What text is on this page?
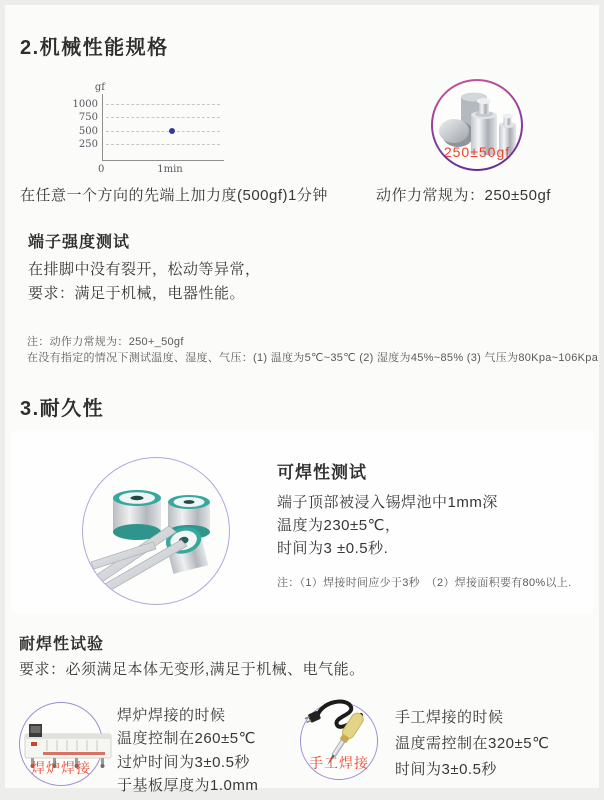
2.机械性能规格
gf
1000
750
500
250
0	1min
在任意一个方向的先端上加力度(500gf)1分钟	动作力常规为：250±50gf
250±50gf
端子强度测试
在排脚中没有裂开，松动等异常，
要求：满足于机械，电器性能。
注：动作力常规为：250+_50gf
在没有指定的情况下测试温度、湿度、气压：(1) 温度为5℃~35℃ (2) 湿度为45%~85% (3) 气压为80Kpa~106Kpa
3.耐久性
可焊性测试
端子顶部被浸入锡焊池中1mm深
温度为230±5℃，
时间为3 ±0.5秒.
注：（1）焊接时间应少于3秒　（2）焊接面积要有80%以上.
耐焊性试验
要求：必须满足本体无变形,满足于机械、电气能。
焊炉焊接
焊炉焊接的时候
温度控制在260±5℃
过炉时间为3±0.5秒
于基板厚度为1.0mm
手工焊接
手工焊接的时候
温度需控制在320±5℃
时间为3±0.5秒
